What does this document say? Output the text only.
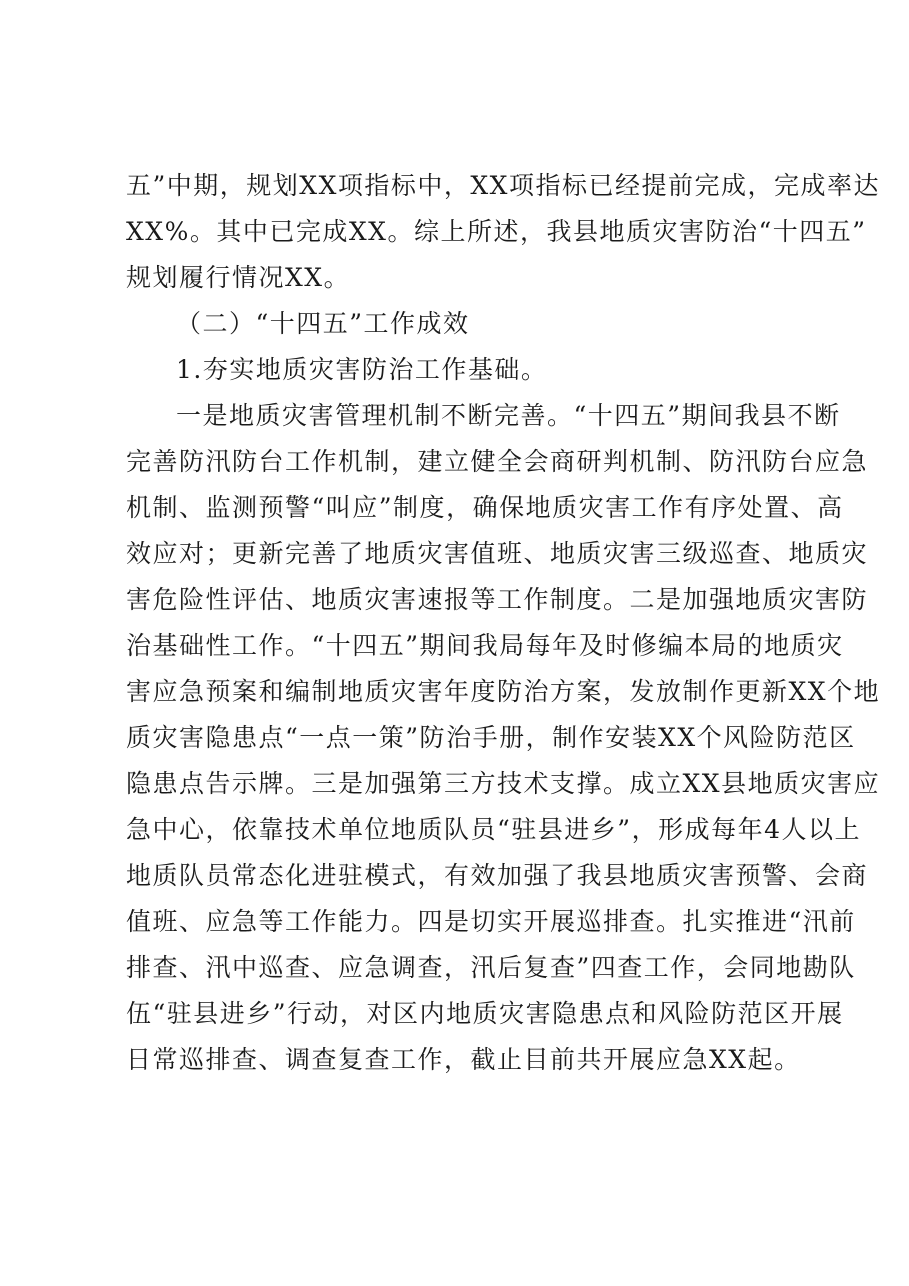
五”中期，规划XX项指标中，XX项指标已经提前完成，完成率达
XX%。其中已完成XX。综上所述，我县地质灾害防治“十四五”
规划履行情况XX。
（二）“十四五”工作成效
1.夯实地质灾害防治工作基础。
一是地质灾害管理机制不断完善。“十四五”期间我县不断
完善防汛防台工作机制，建立健全会商研判机制、防汛防台应急
机制、监测预警“叫应”制度，确保地质灾害工作有序处置、高
效应对；更新完善了地质灾害值班、地质灾害三级巡查、地质灾
害危险性评估、地质灾害速报等工作制度。二是加强地质灾害防
治基础性工作。“十四五”期间我局每年及时修编本局的地质灾
害应急预案和编制地质灾害年度防治方案，发放制作更新XX个地
质灾害隐患点“一点一策”防治手册，制作安装XX个风险防范区
隐患点告示牌。三是加强第三方技术支撑。成立XX县地质灾害应
急中心，依靠技术单位地质队员“驻县进乡”，形成每年4人以上
地质队员常态化进驻模式，有效加强了我县地质灾害预警、会商
值班、应急等工作能力。四是切实开展巡排查。扎实推进“汛前
排查、汛中巡查、应急调查，汛后复查”四查工作，会同地勘队
伍“驻县进乡”行动，对区内地质灾害隐患点和风险防范区开展
日常巡排查、调查复查工作，截止目前共开展应急XX起。
